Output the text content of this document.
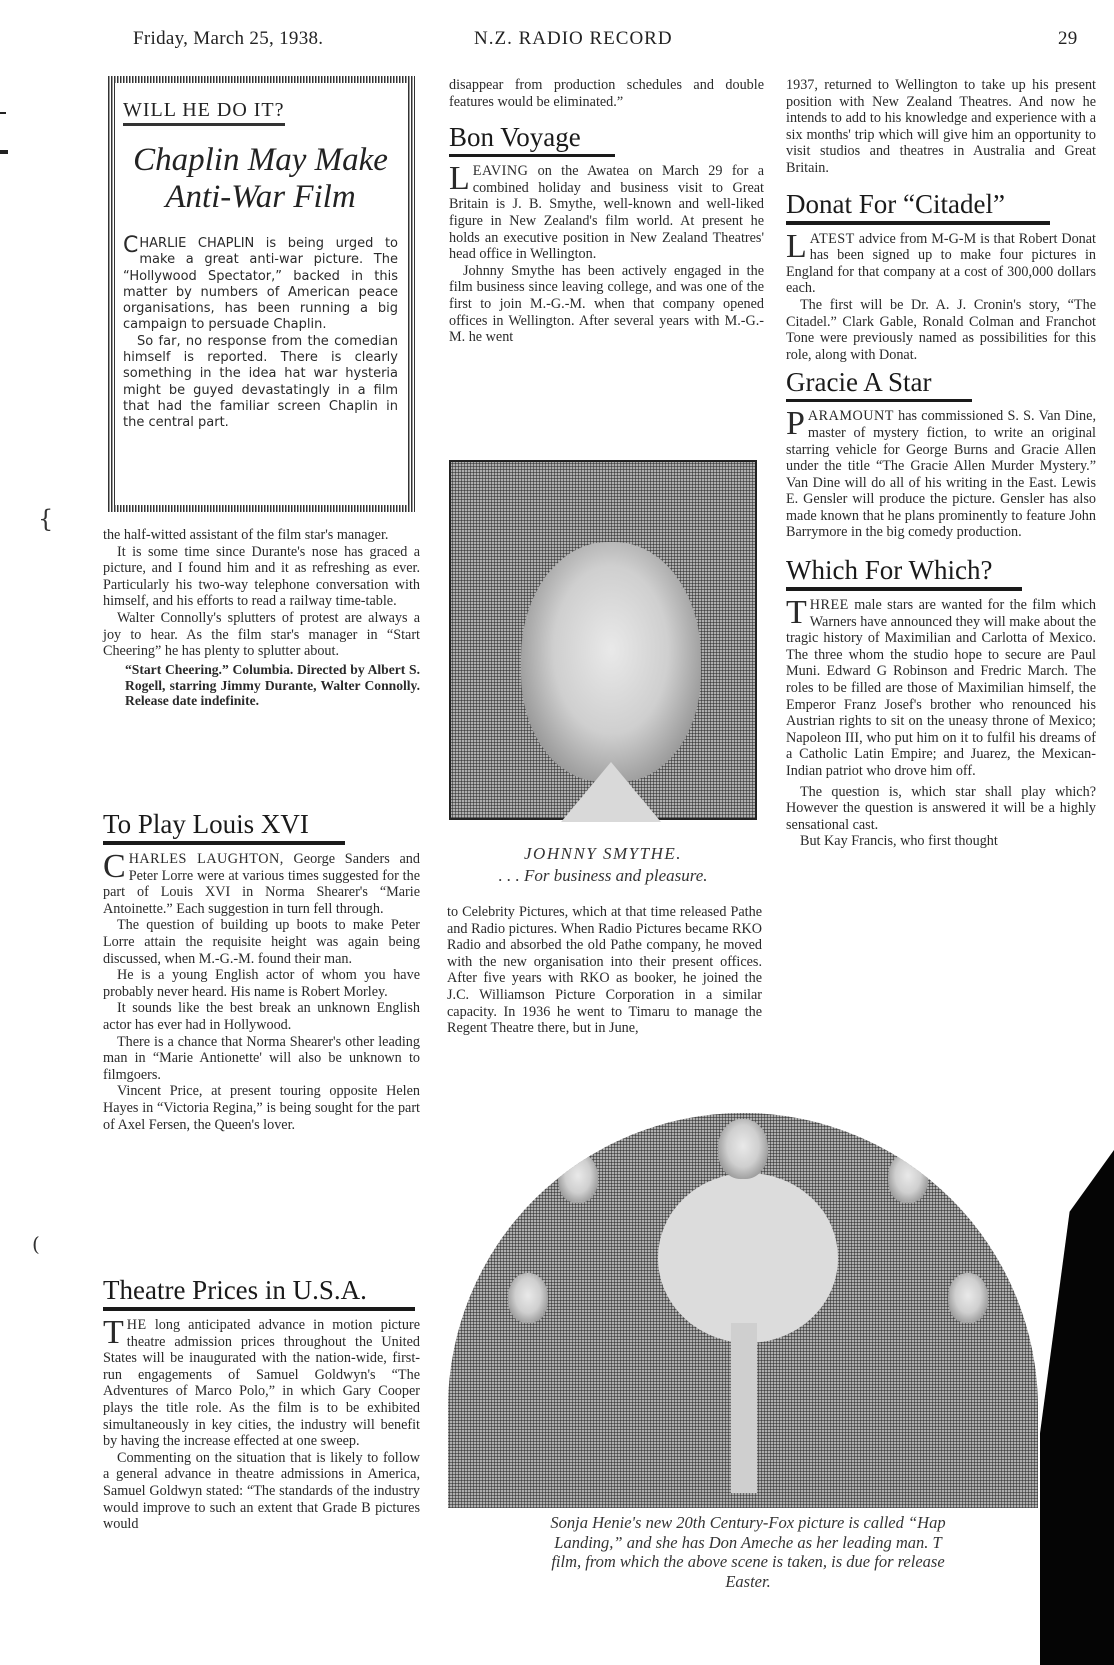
Friday, March 25, 1938.	N.Z. RADIO RECORD	29
{
(
WILL HE DO IT?
Chaplin May Make
Anti-War Film

CHARLIE CHAPLIN is being urged to make a great anti-war picture. The “Hollywood Spectator,” backed in this matter by numbers of American peace organisations, has been running a big campaign to persuade Chaplin.

So far, no response from the comedian himself is reported. There is clearly something in the idea hat war hysteria might be guyed devastatingly in a film that had the familiar screen Chaplin in the central part.

the half-witted assistant of the film star's manager.

It is some time since Durante's nose has graced a picture, and I found him and it as refreshing as ever. Particularly his two-way telephone conversation with himself, and his efforts to read a railway time-table.

Walter Connolly's splutters of protest are always a joy to hear. As the film star's manager in “Start Cheering” he has plenty to splutter about.

“Start Cheering.” Columbia. Directed by Albert S. Rogell, starring Jimmy Durante, Walter Connolly. Release date indefinite.
To Play Louis XVI

CHARLES LAUGHTON, George Sanders and Peter Lorre were at various times suggested for the part of Louis XVI in Norma Shearer's “Marie Antoinette.” Each suggestion in turn fell through.

The question of building up boots to make Peter Lorre attain the requisite height was again being discussed, when M.-G.-M. found their man.

He is a young English actor of whom you have probably never heard. His name is Robert Morley.

It sounds like the best break an unknown English actor has ever had in Hollywood.

There is a chance that Norma Shearer's other leading man in “Marie Antionette' will also be unknown to filmgoers.

Vincent Price, at present touring opposite Helen Hayes in “Victoria Regina,” is being sought for the part of Axel Fersen, the Queen's lover.

Theatre Prices in U.S.A.

THE long anticipated advance in motion picture theatre admission prices throughout the United States will be inaugurated with the nation-wide, first-run engagements of Samuel Goldwyn's “The Adventures of Marco Polo,” in which Gary Cooper plays the title role. As the film is to be exhibited simultaneously in key cities, the industry will benefit by having the increase effected at one sweep.

Commenting on the situation that is likely to follow a general advance in theatre admissions in America, Samuel Goldwyn stated: “The standards of the industry would improve to such an extent that Grade B pictures would

disappear from production schedules and double features would be eliminated.”

Bon Voyage

LEAVING on the Awatea on March 29 for a combined holiday and business visit to Great Britain is J. B. Smythe, well-known and well-liked figure in New Zealand's film world. At present he holds an executive position in New Zealand Theatres' head office in Wellington.

Johnny Smythe has been actively engaged in the film business since leaving college, and was one of the first to join M.-G.-M. when that company opened offices in Wellington. After several years with M.-G.-M. he went

JOHNNY SMYTHE.
. . . For business and pleasure.

to Celebrity Pictures, which at that time released Pathe and Radio pictures. When Radio Pictures became RKO Radio and absorbed the old Pathe company, he moved with the new organisation into their present offices. After five years with RKO as booker, he joined the J.C. Williamson Picture Corporation in a similar capacity. In 1936 he went to Timaru to manage the Regent Theatre there, but in June,

1937, returned to Wellington to take up his present position with New Zealand Theatres. And now he intends to add to his knowledge and experience with a six months' trip which will give him an opportunity to visit studios and theatres in Australia and Great Britain.

Donat For “Citadel”

LATEST advice from M-G-M is that Robert Donat has been signed up to make four pictures in England for that company at a cost of 300,000 dollars each.

The first will be Dr. A. J. Cronin's story, “The Citadel.” Clark Gable, Ronald Colman and Franchot Tone were previously named as possibilities for this role, along with Donat.

Gracie A Star

PARAMOUNT has commissioned S. S. Van Dine, master of mystery fiction, to write an original starring vehicle for George Burns and Gracie Allen under the title “The Gracie Allen Murder Mystery.” Van Dine will do all of his writing in the East. Lewis E. Gensler will produce the picture. Gensler has also made known that he plans prominently to feature John Barrymore in the big comedy production.

Which For Which?

THREE male stars are wanted for the film which Warners have announced they will make about the tragic history of Maximilian and Carlotta of Mexico. The three whom the studio hope to secure are Paul Muni. Edward G Robinson and Fredric March. The roles to be filled are those of Maximilian himself, the Emperor Franz Josef's brother who renounced his Austrian rights to sit on the uneasy throne of Mexico; Napoleon III, who put him on it to fulfil his dreams of a Catholic Latin Empire; and Juarez, the Mexican-Indian patriot who drove him off.

The question is, which star shall play which? However the question is answered it will be a highly sensational cast.

But Kay Francis, who first thought

Sonja Henie's new 20th Century-Fox picture is called “Hap
Landing,” and she has Don Ameche as her leading man. T
film, from which the above scene is taken, is due for release
Easter.
